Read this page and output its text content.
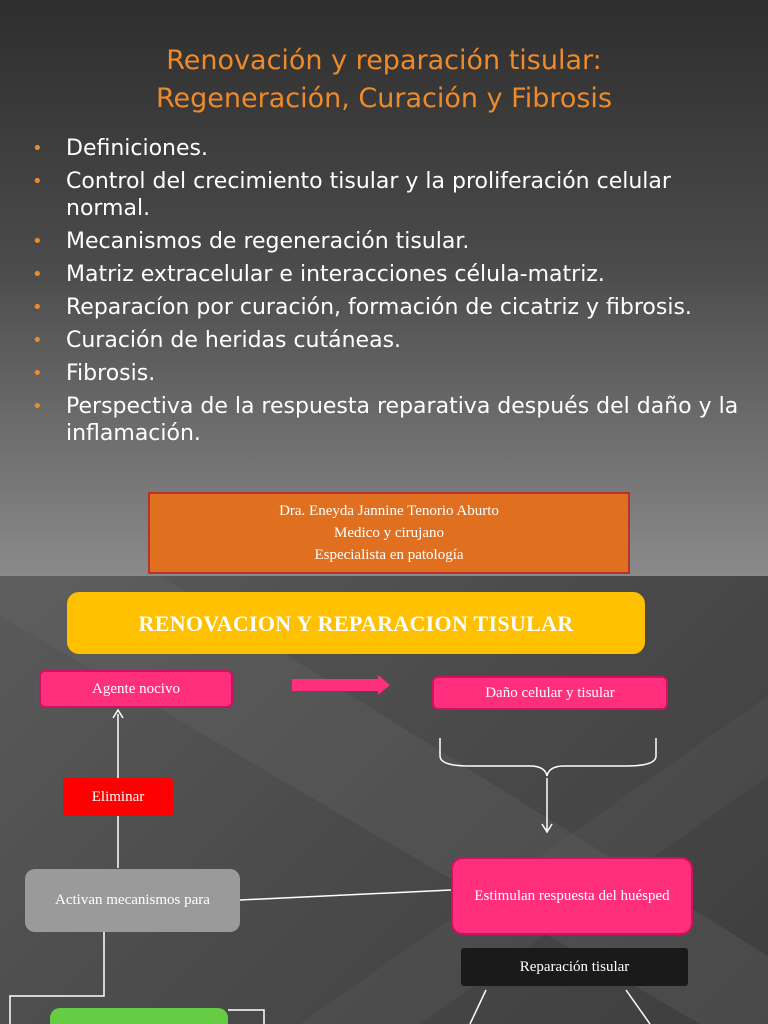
Renovación y reparación tisular:
Regeneración, Curación y Fibrosis
• Definiciones.
• Control del crecimiento tisular y la proliferación celular normal.
• Mecanismos de regeneración tisular.
• Matriz extracelular e interacciones célula-matriz.
• Reparacíon por curación, formación de cicatriz y fibrosis.
• Curación de heridas cutáneas.
• Fibrosis.
• Perspectiva de la respuesta reparativa después del daño y la inflamación.
Dra. Eneyda Jannine Tenorio Aburto
Medico y cirujano
Especialista en patología
RENOVACION Y REPARACION TISULAR
Agente nocivo	Daño celular y tisular
Eliminar
Activan mecanismos para	Estimulan respuesta del huésped
Reparación tisular
